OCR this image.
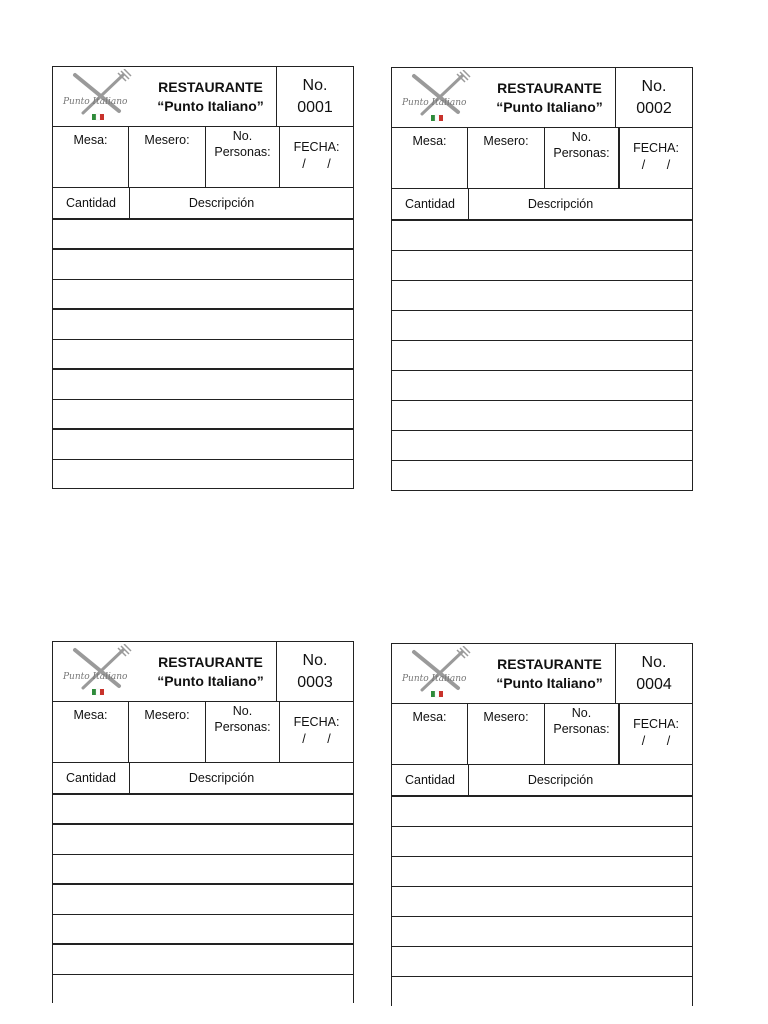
Punto Italiano
RESTAURANTE
“Punto Italiano”
No.
0001
Mesa:	Mesero:	No.
Personas:	FECHA:
/ /
Cantidad	Descripción
Punto Italiano
RESTAURANTE
“Punto Italiano”
No.
0002
Mesa:	Mesero:	No.
Personas:	FECHA:
/ /
Cantidad	Descripción
Punto Italiano
RESTAURANTE
“Punto Italiano”
No.
0003
Mesa:	Mesero:	No.
Personas:	FECHA:
/ /
Cantidad	Descripción
Punto Italiano
RESTAURANTE
“Punto Italiano”
No.
0004
Mesa:	Mesero:	No.
Personas:	FECHA:
/ /
Cantidad	Descripción
